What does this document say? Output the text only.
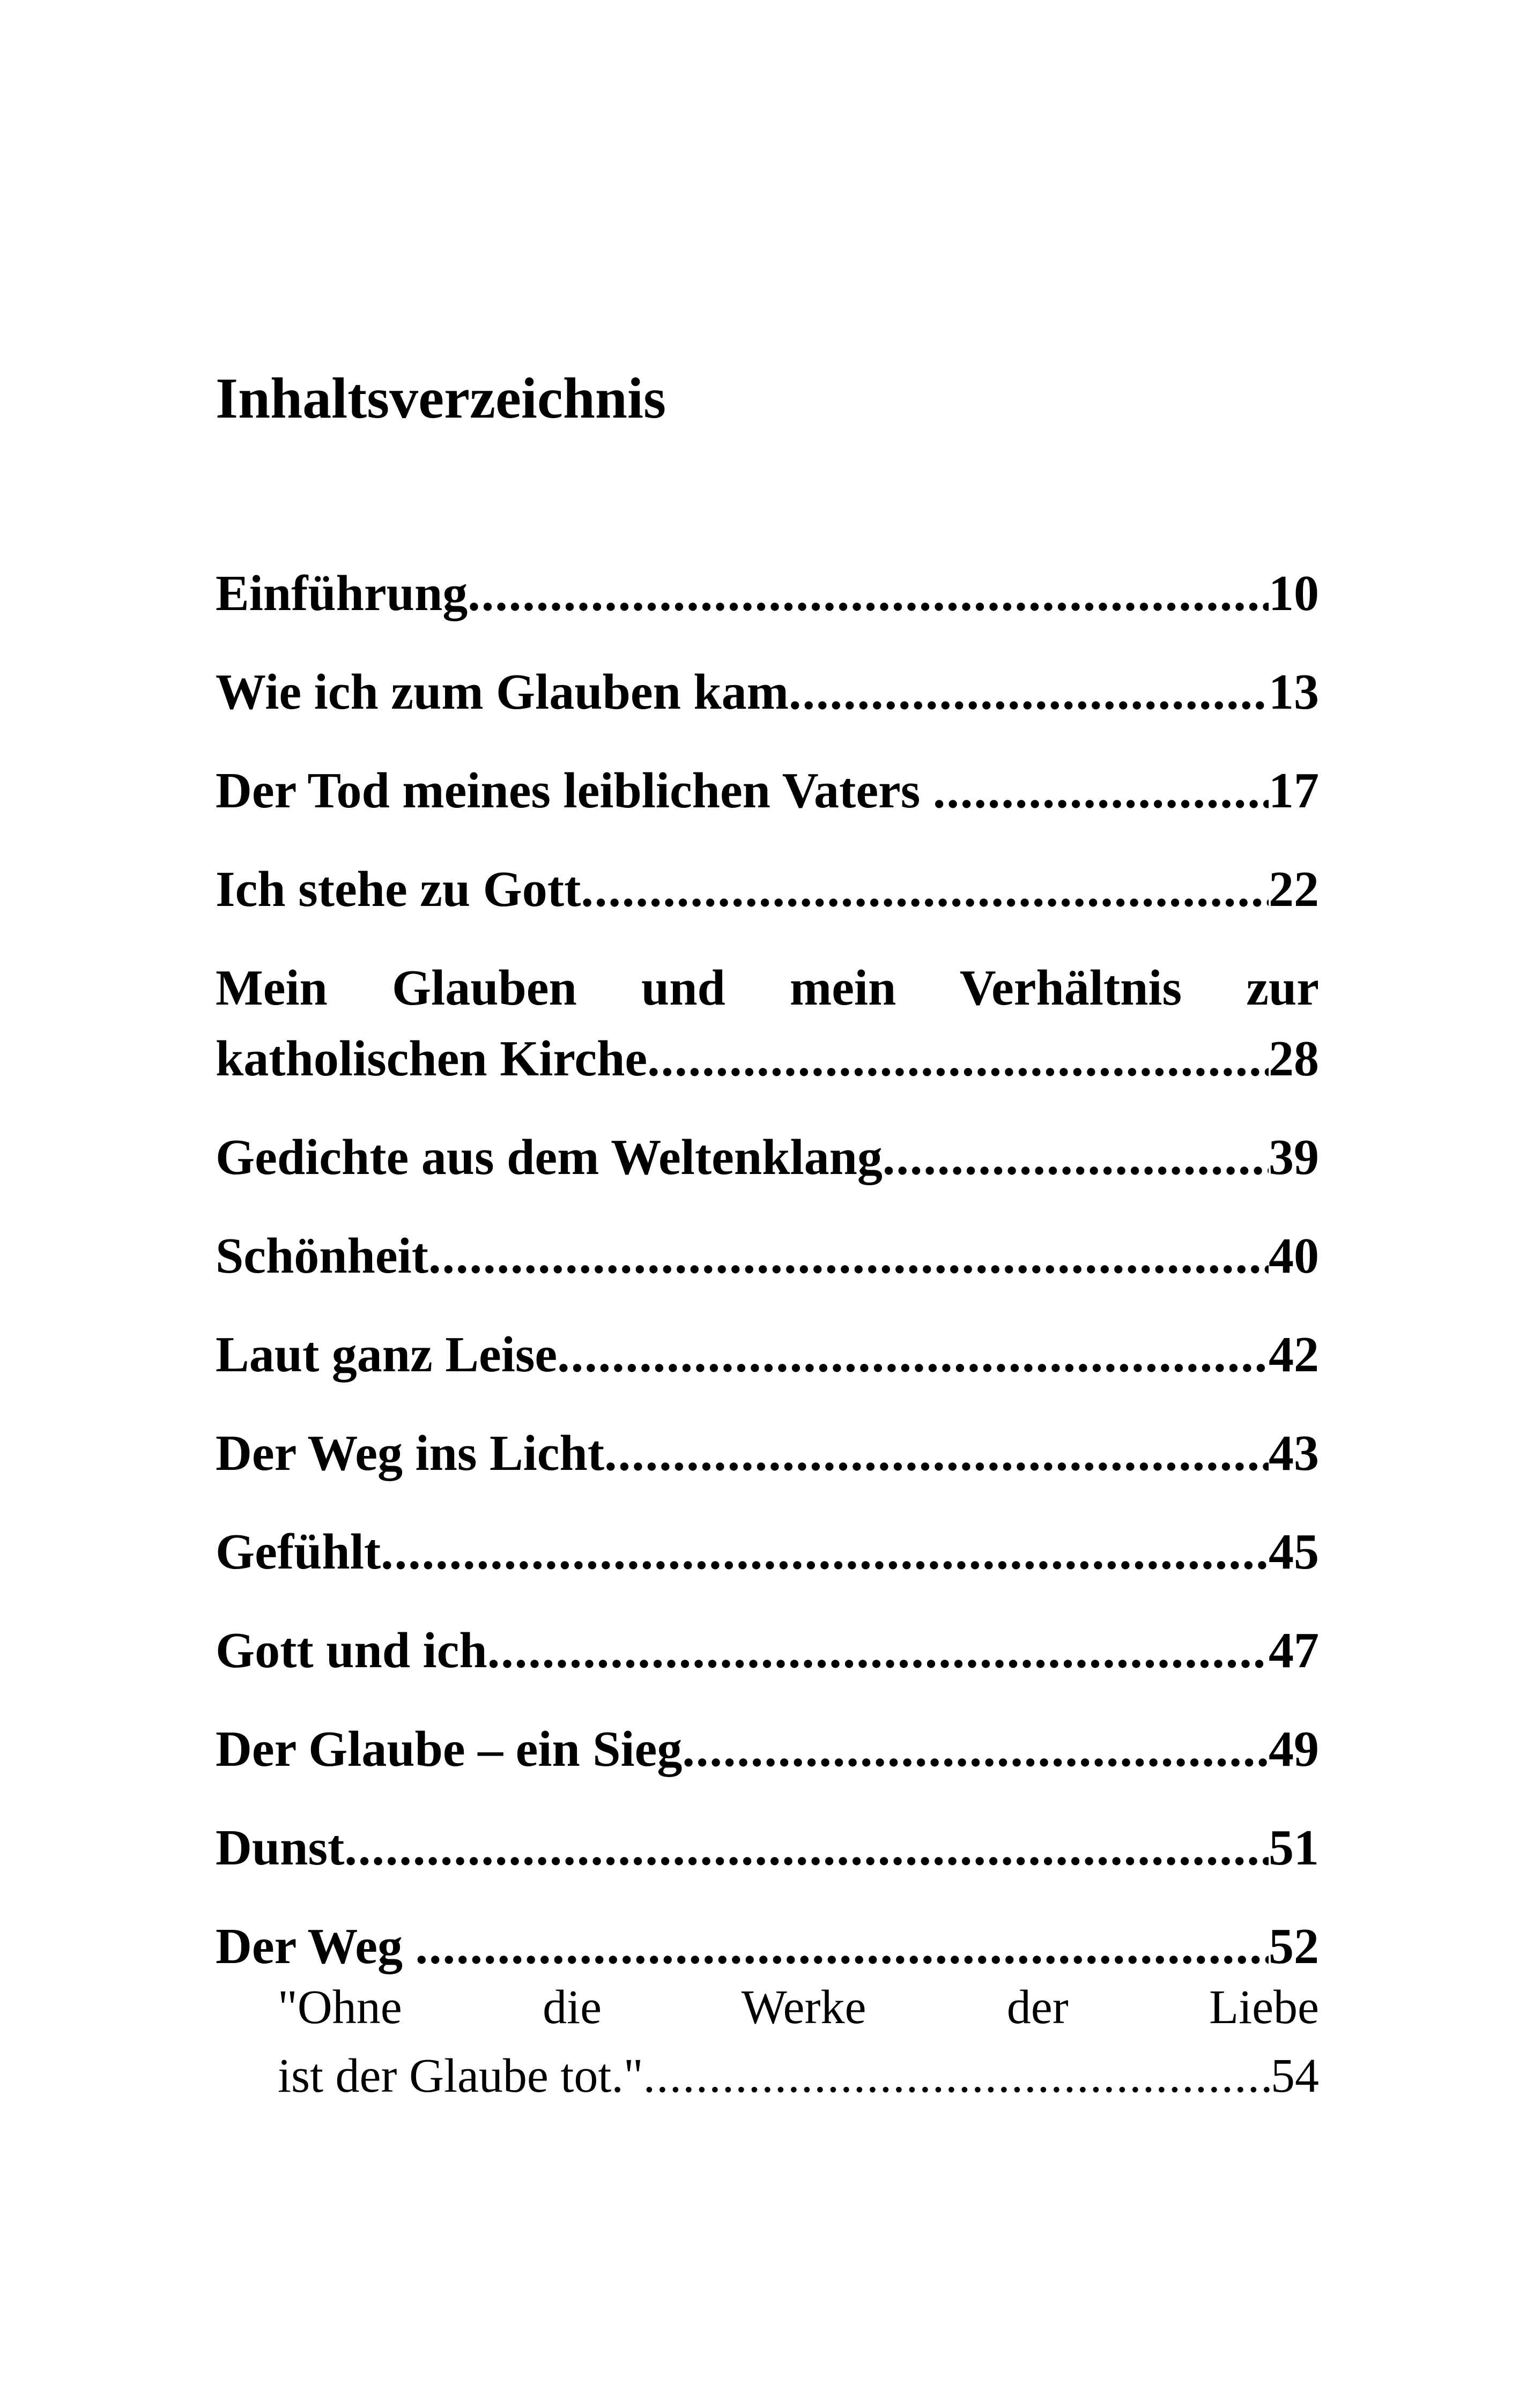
Inhaltsverzeichnis
Einführung .....	10
Wie ich zum Glauben kam .....	13
Der Tod meines leiblichen Vaters .....	17
Ich stehe zu Gott .....	22
Mein Glauben und mein Verhältnis zur
katholischen Kirche .....	28
Gedichte aus dem Weltenklang .....	39
Schönheit .....	40
Laut ganz Leise .....	42
Der Weg ins Licht .....	43
Gefühlt .....	45
Gott und ich .....	47
Der Glaube – ein Sieg .....	49
Dunst .....	51
Der Weg .....	52
"Ohne die Werke der Liebe
ist der Glaube tot." .....	54
